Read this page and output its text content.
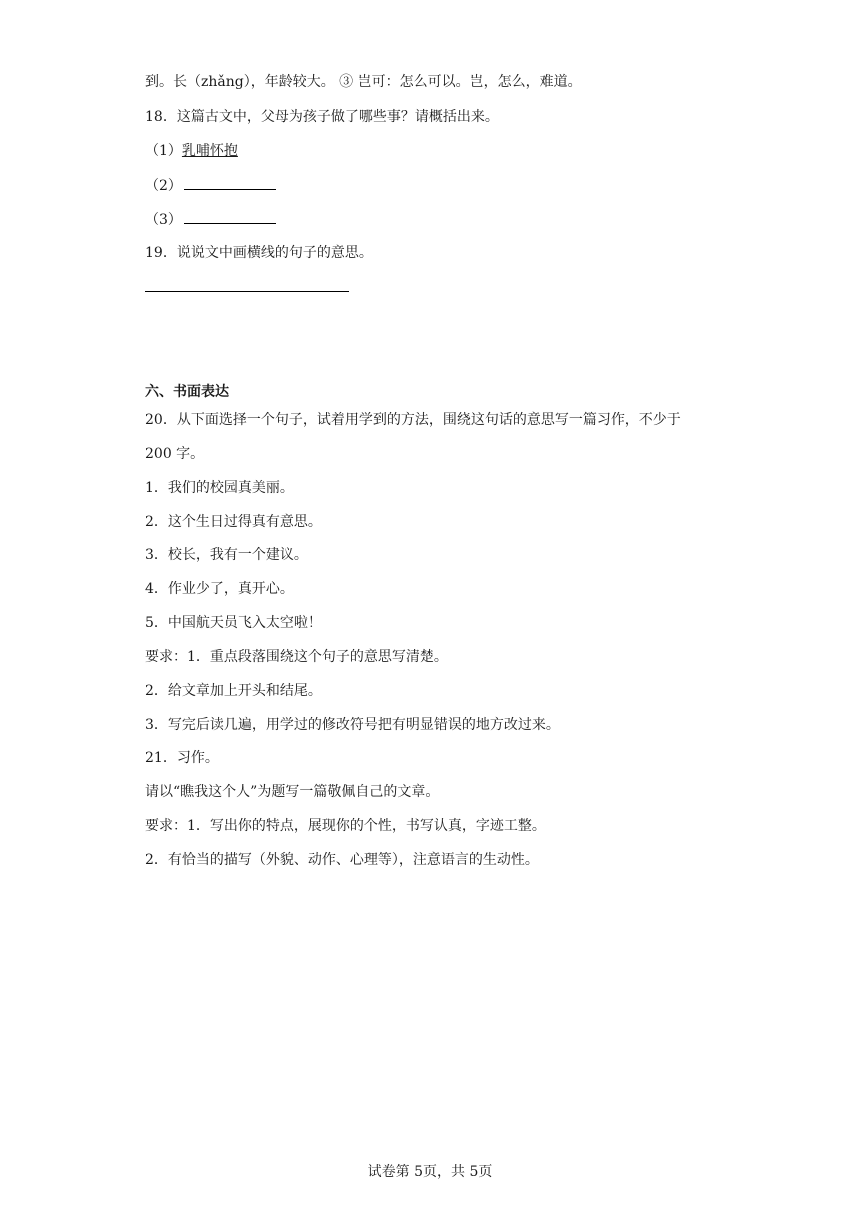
到。长（zhǎng），年龄较大。 ③ 岂可：怎么可以。岂，怎么，难道。
18．这篇古文中，父母为孩子做了哪些事？请概括出来。
（1）乳哺怀抱
（2）
（3）
19．说说文中画横线的句子的意思。
六、书面表达
20．从下面选择一个句子，试着用学到的方法，围绕这句话的意思写一篇习作，不少于
200 字。
1．我们的校园真美丽。
2．这个生日过得真有意思。
3．校长，我有一个建议。
4．作业少了，真开心。
5．中国航天员飞入太空啦！
要求：1．重点段落围绕这个句子的意思写清楚。
2．给文章加上开头和结尾。
3．写完后读几遍，用学过的修改符号把有明显错误的地方改过来。
21．习作。
请以“瞧我这个人”为题写一篇敬佩自己的文章。
要求：1．写出你的特点，展现你的个性，书写认真，字迹工整。
2．有恰当的描写（外貌、动作、心理等），注意语言的生动性。
试卷第 5页，共 5页
